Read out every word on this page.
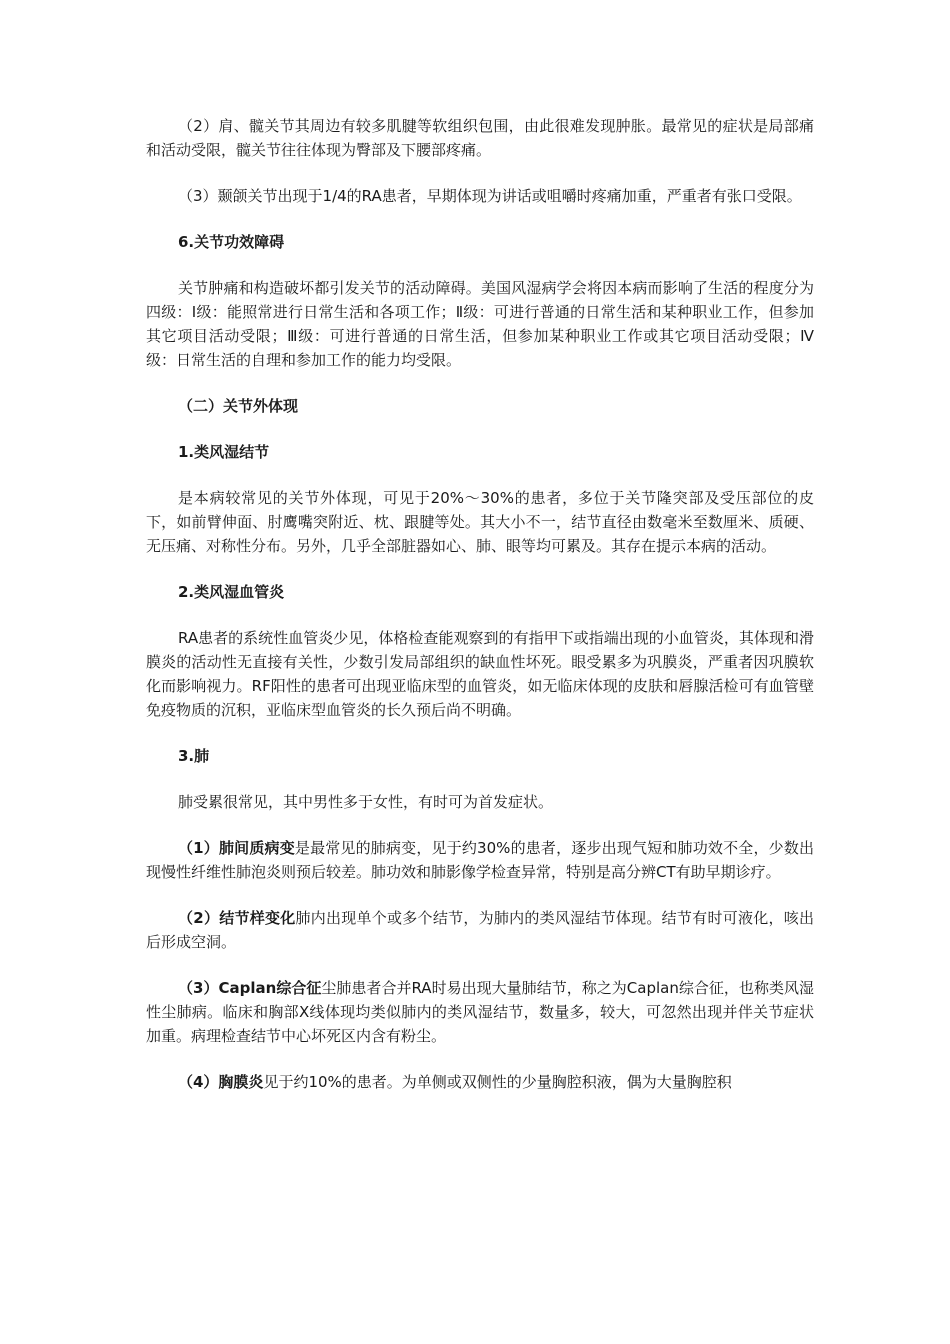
（2）肩、髋关节其周边有较多肌腱等软组织包围，由此很难发现肿胀。最常见的症状是局部痛和活动受限，髋关节往往体现为臀部及下腰部疼痛。

（3）颞颌关节出现于1/4的RA患者，早期体现为讲话或咀嚼时疼痛加重，严重者有张口受限。

6.关节功效障碍

关节肿痛和构造破坏都引发关节的活动障碍。美国风湿病学会将因本病而影响了生活的程度分为四级：Ⅰ级：能照常进行日常生活和各项工作；Ⅱ级：可进行普通的日常生活和某种职业工作，但参加其它项目活动受限；Ⅲ级：可进行普通的日常生活，但参加某种职业工作或其它项目活动受限；Ⅳ级：日常生活的自理和参加工作的能力均受限。

（二）关节外体现

1.类风湿结节

是本病较常见的关节外体现，可见于20%～30%的患者，多位于关节隆突部及受压部位的皮下，如前臂伸面、肘鹰嘴突附近、枕、跟腱等处。其大小不一，结节直径由数毫米至数厘米、质硬、无压痛、对称性分布。另外，几乎全部脏器如心、肺、眼等均可累及。其存在提示本病的活动。

2.类风湿血管炎

RA患者的系统性血管炎少见，体格检查能观察到的有指甲下或指端出现的小血管炎，其体现和滑膜炎的活动性无直接有关性，少数引发局部组织的缺血性坏死。眼受累多为巩膜炎，严重者因巩膜软化而影响视力。RF阳性的患者可出现亚临床型的血管炎，如无临床体现的皮肤和唇腺活检可有血管壁免疫物质的沉积，亚临床型血管炎的长久预后尚不明确。

3.肺

肺受累很常见，其中男性多于女性，有时可为首发症状。

（1）肺间质病变是最常见的肺病变，见于约30%的患者，逐步出现气短和肺功效不全，少数出现慢性纤维性肺泡炎则预后较差。肺功效和肺影像学检查异常，特别是高分辨CT有助早期诊疗。

（2）结节样变化肺内出现单个或多个结节，为肺内的类风湿结节体现。结节有时可液化，咳出后形成空洞。

（3）Caplan综合征尘肺患者合并RA时易出现大量肺结节，称之为Caplan综合征，也称类风湿性尘肺病。临床和胸部X线体现均类似肺内的类风湿结节，数量多，较大，可忽然出现并伴关节症状加重。病理检查结节中心坏死区内含有粉尘。

（4）胸膜炎见于约10%的患者。为单侧或双侧性的少量胸腔积液，偶为大量胸腔积
